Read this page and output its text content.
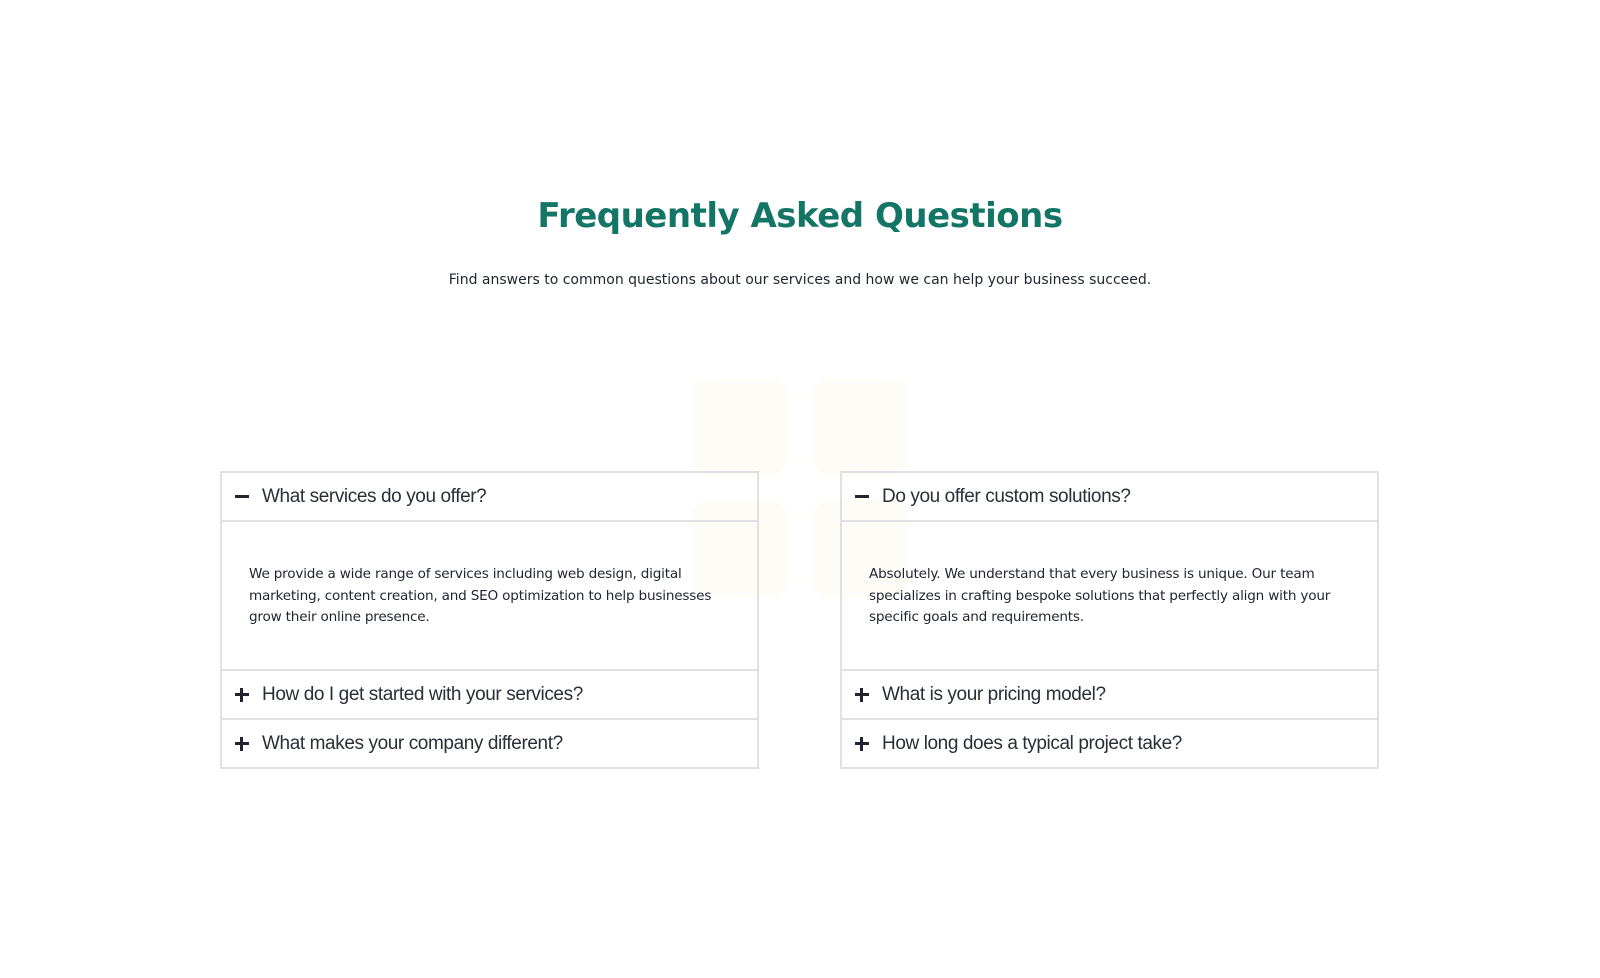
Frequently Asked Questions

Find answers to common questions about our services and how we can help your business succeed.

What services do you offer?

We provide a wide range of services including web design, digital marketing, content creation, and SEO optimization to help businesses grow their online presence.

How do I get started with your services?
What makes your company different?
Do you offer custom solutions?

Absolutely. We understand that every business is unique. Our team specializes in crafting bespoke solutions that perfectly align with your specific goals and requirements.

What is your pricing model?
How long does a typical project take?
